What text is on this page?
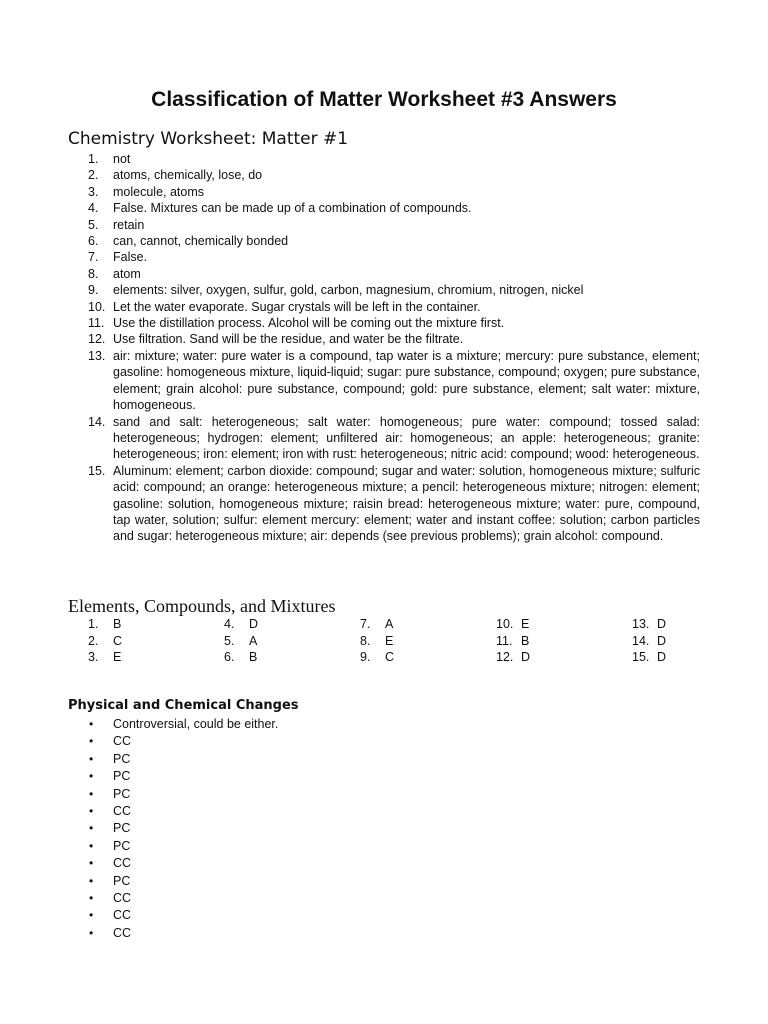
Classification of Matter Worksheet #3 Answers
Chemistry Worksheet: Matter #1
1. not
2. atoms, chemically, lose, do
3. molecule, atoms
4. False. Mixtures can be made up of a combination of compounds.
5. retain
6. can, cannot, chemically bonded
7. False.
8. atom
9. elements: silver, oxygen, sulfur, gold, carbon, magnesium, chromium, nitrogen, nickel
10. Let the water evaporate. Sugar crystals will be left in the container.
11. Use the distillation process. Alcohol will be coming out the mixture first.
12. Use filtration. Sand will be the residue, and water be the filtrate.
13. air: mixture; water: pure water is a compound, tap water is a mixture; mercury: pure substance, element; gasoline: homogeneous mixture, liquid-liquid; sugar: pure substance, compound; oxygen; pure substance, element; grain alcohol: pure substance, compound; gold: pure substance, element; salt water: mixture, homogeneous.
14. sand and salt: heterogeneous; salt water: homogeneous; pure water: compound; tossed salad: heterogeneous; hydrogen: element; unfiltered air: homogeneous; an apple: heterogeneous; granite: heterogeneous; iron: element; iron with rust: heterogeneous; nitric acid: compound; wood: heterogeneous.
15. Aluminum: element; carbon dioxide: compound; sugar and water: solution, homogeneous mixture; sulfuric acid: compound; an orange: heterogeneous mixture; a pencil: heterogeneous mixture; nitrogen: element; gasoline: solution, homogeneous mixture; raisin bread: heterogeneous mixture; water: pure, compound, tap water, solution; sulfur: element mercury: element; water and instant coffee: solution; carbon particles and sugar: heterogeneous mixture; air: depends (see previous problems); grain alcohol: compound.
Elements, Compounds, and Mixtures
1. B
2. C
3. E
4. D
5. A
6. B
7. A
8. E
9. C
10. E
11. B
12. D
13. D
14. D
15. D
Physical and Chemical Changes
• Controversial, could be either.
• CC
• PC
• PC
• PC
• CC
• PC
• PC
• CC
• PC
• CC
• CC
• CC
